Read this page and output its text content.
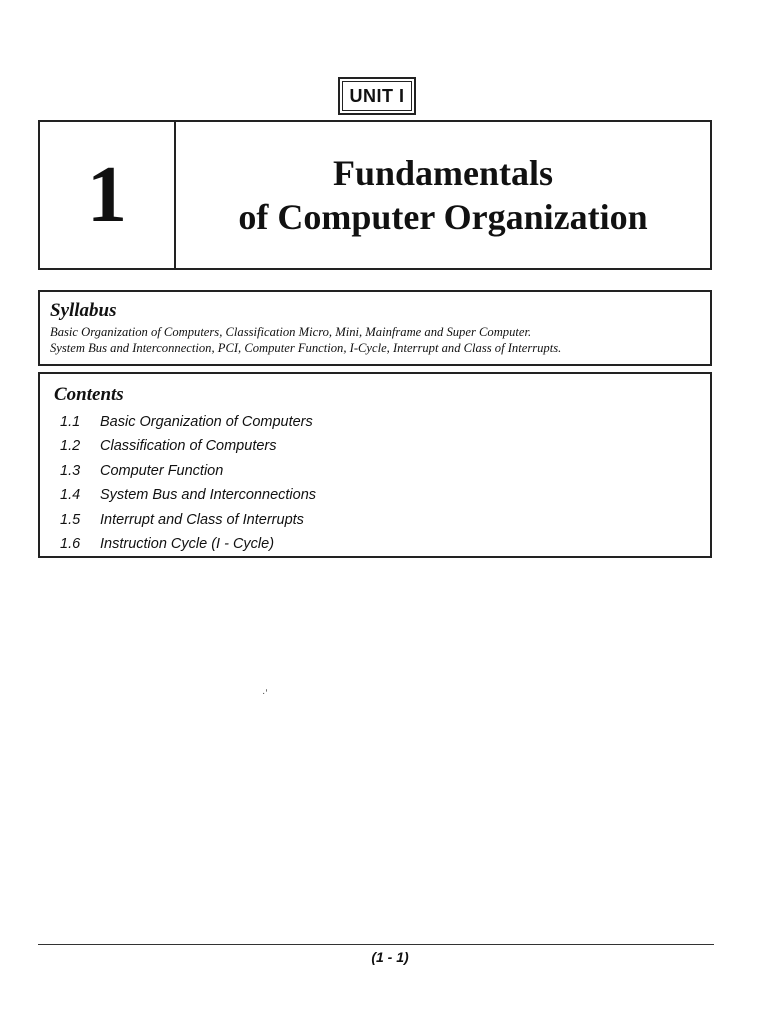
UNIT I
1	Fundamentals
of Computer Organization
Syllabus
Basic Organization of Computers, Classification Micro, Mini, Mainframe and Super Computer.
System Bus and Interconnection, PCI, Computer Function, I-Cycle, Interrupt and Class of Interrupts.
Contents
1.1	Basic Organization of Computers
1.2	Classification of Computers
1.3	Computer Function
1.4	System Bus and Interconnections
1.5	Interrupt and Class of Interrupts
1.6	Instruction Cycle (I - Cycle)
·‘
(1 - 1)
